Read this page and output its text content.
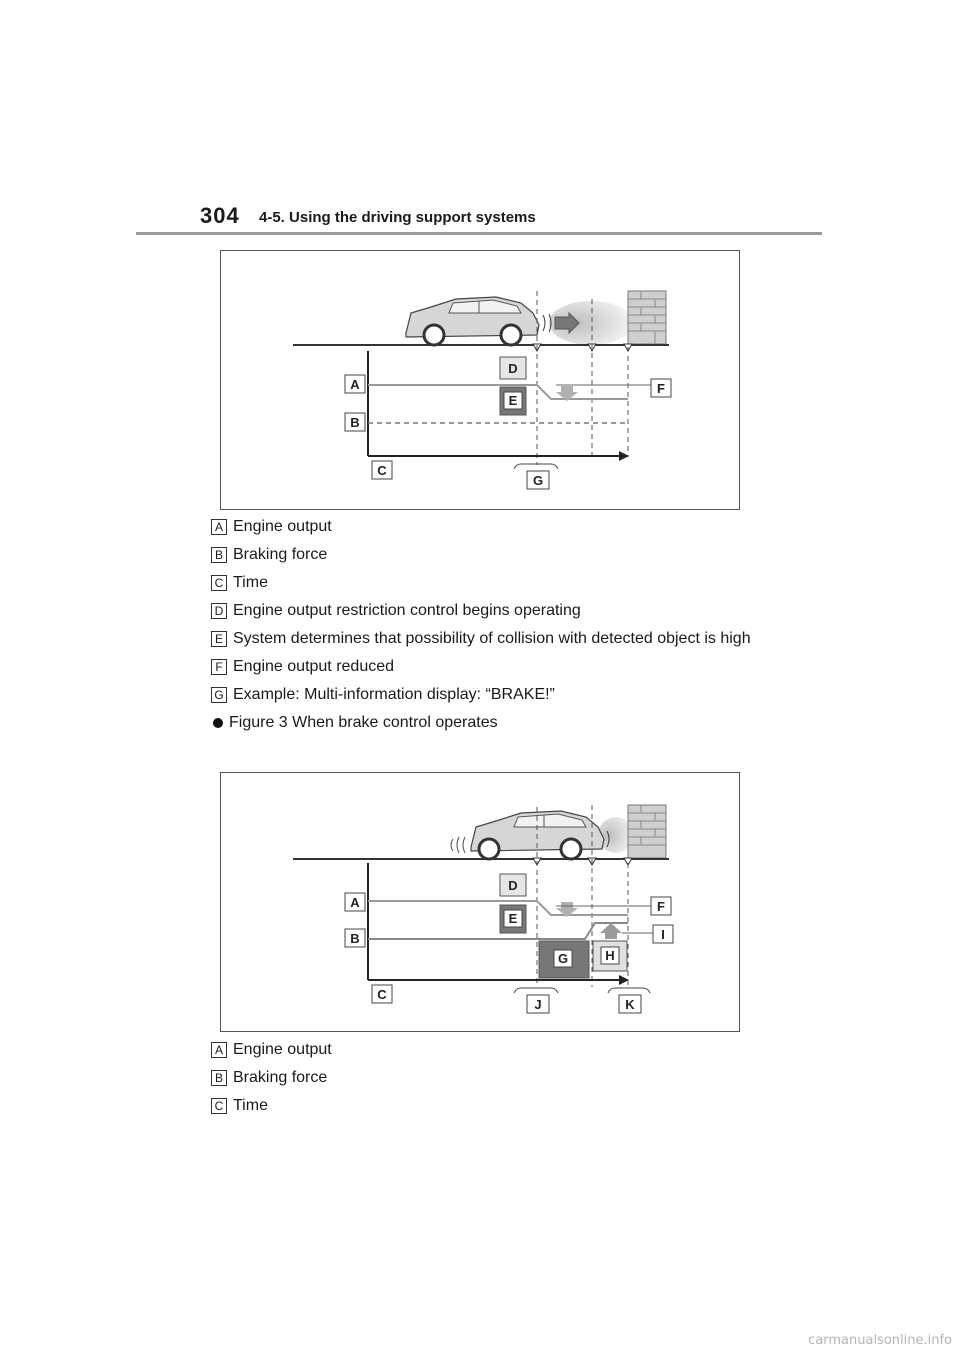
304 4-5. Using the driving support systems
A
B
C
D
E
F
G
A Engine output
B Braking force
C Time
D Engine output restriction control begins operating
E System determines that possibility of collision with detected object is high
F Engine output reduced
G Example: Multi-information display: “BRAKE!”
Figure 3 When brake control operates
A
B
C
D
E
F
G	H
I
J	K
A Engine output
B Braking force
C Time
carmanualsonline.info
